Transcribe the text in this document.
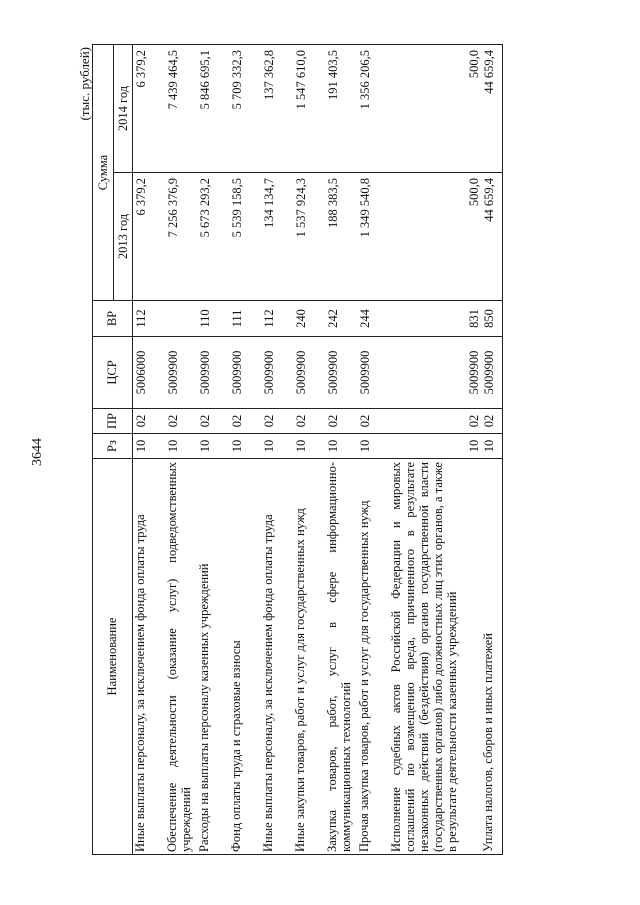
3644
(тыс. рублей)
Наименование	Рз	ПР	ЦСР	ВР	Сумма	
					2013 год	2014 год
Иные выплаты персоналу, за исключением фонда оплаты труда	10	02	5006000	112	6 379,2	6 379,2
Обеспечение деятельности (оказание услуг) подведомственных учреждений	10	02	5009900		7 256 376,9	7 439 464,5
Расходы на выплаты персоналу казенных учреждений	10	02	5009900	110	5 673 293,2	5 846 695,1
Фонд оплаты труда и страховые взносы	10	02	5009900	111	5 539 158,5	5 709 332,3
Иные выплаты персоналу, за исключением фонда оплаты труда	10	02	5009900	112	134 134,7	137 362,8
Иные закупки товаров, работ и услуг для государственных нужд	10	02	5009900	240	1 537 924,3	1 547 610,0
Закупка товаров, работ, услуг в сфере информационно-коммуникационных технологий	10	02	5009900	242	188 383,5	191 403,5
Прочая закупка товаров, работ и услуг для государственных нужд	10	02	5009900	244	1 349 540,8	1 356 206,5
Исполнение судебных актов Российской Федерации и мировых соглашений по возмещению вреда, причиненного в результате незаконных действий (бездействия) органов государственной власти (государственных органов) либо должностных лиц этих органов, а также в результате деятельности казенных учреждений	10	02	5009900	831	500,0	500,0
Уплата налогов, сборов и иных платежей	10	02	5009900	850	44 659,4	44 659,4
